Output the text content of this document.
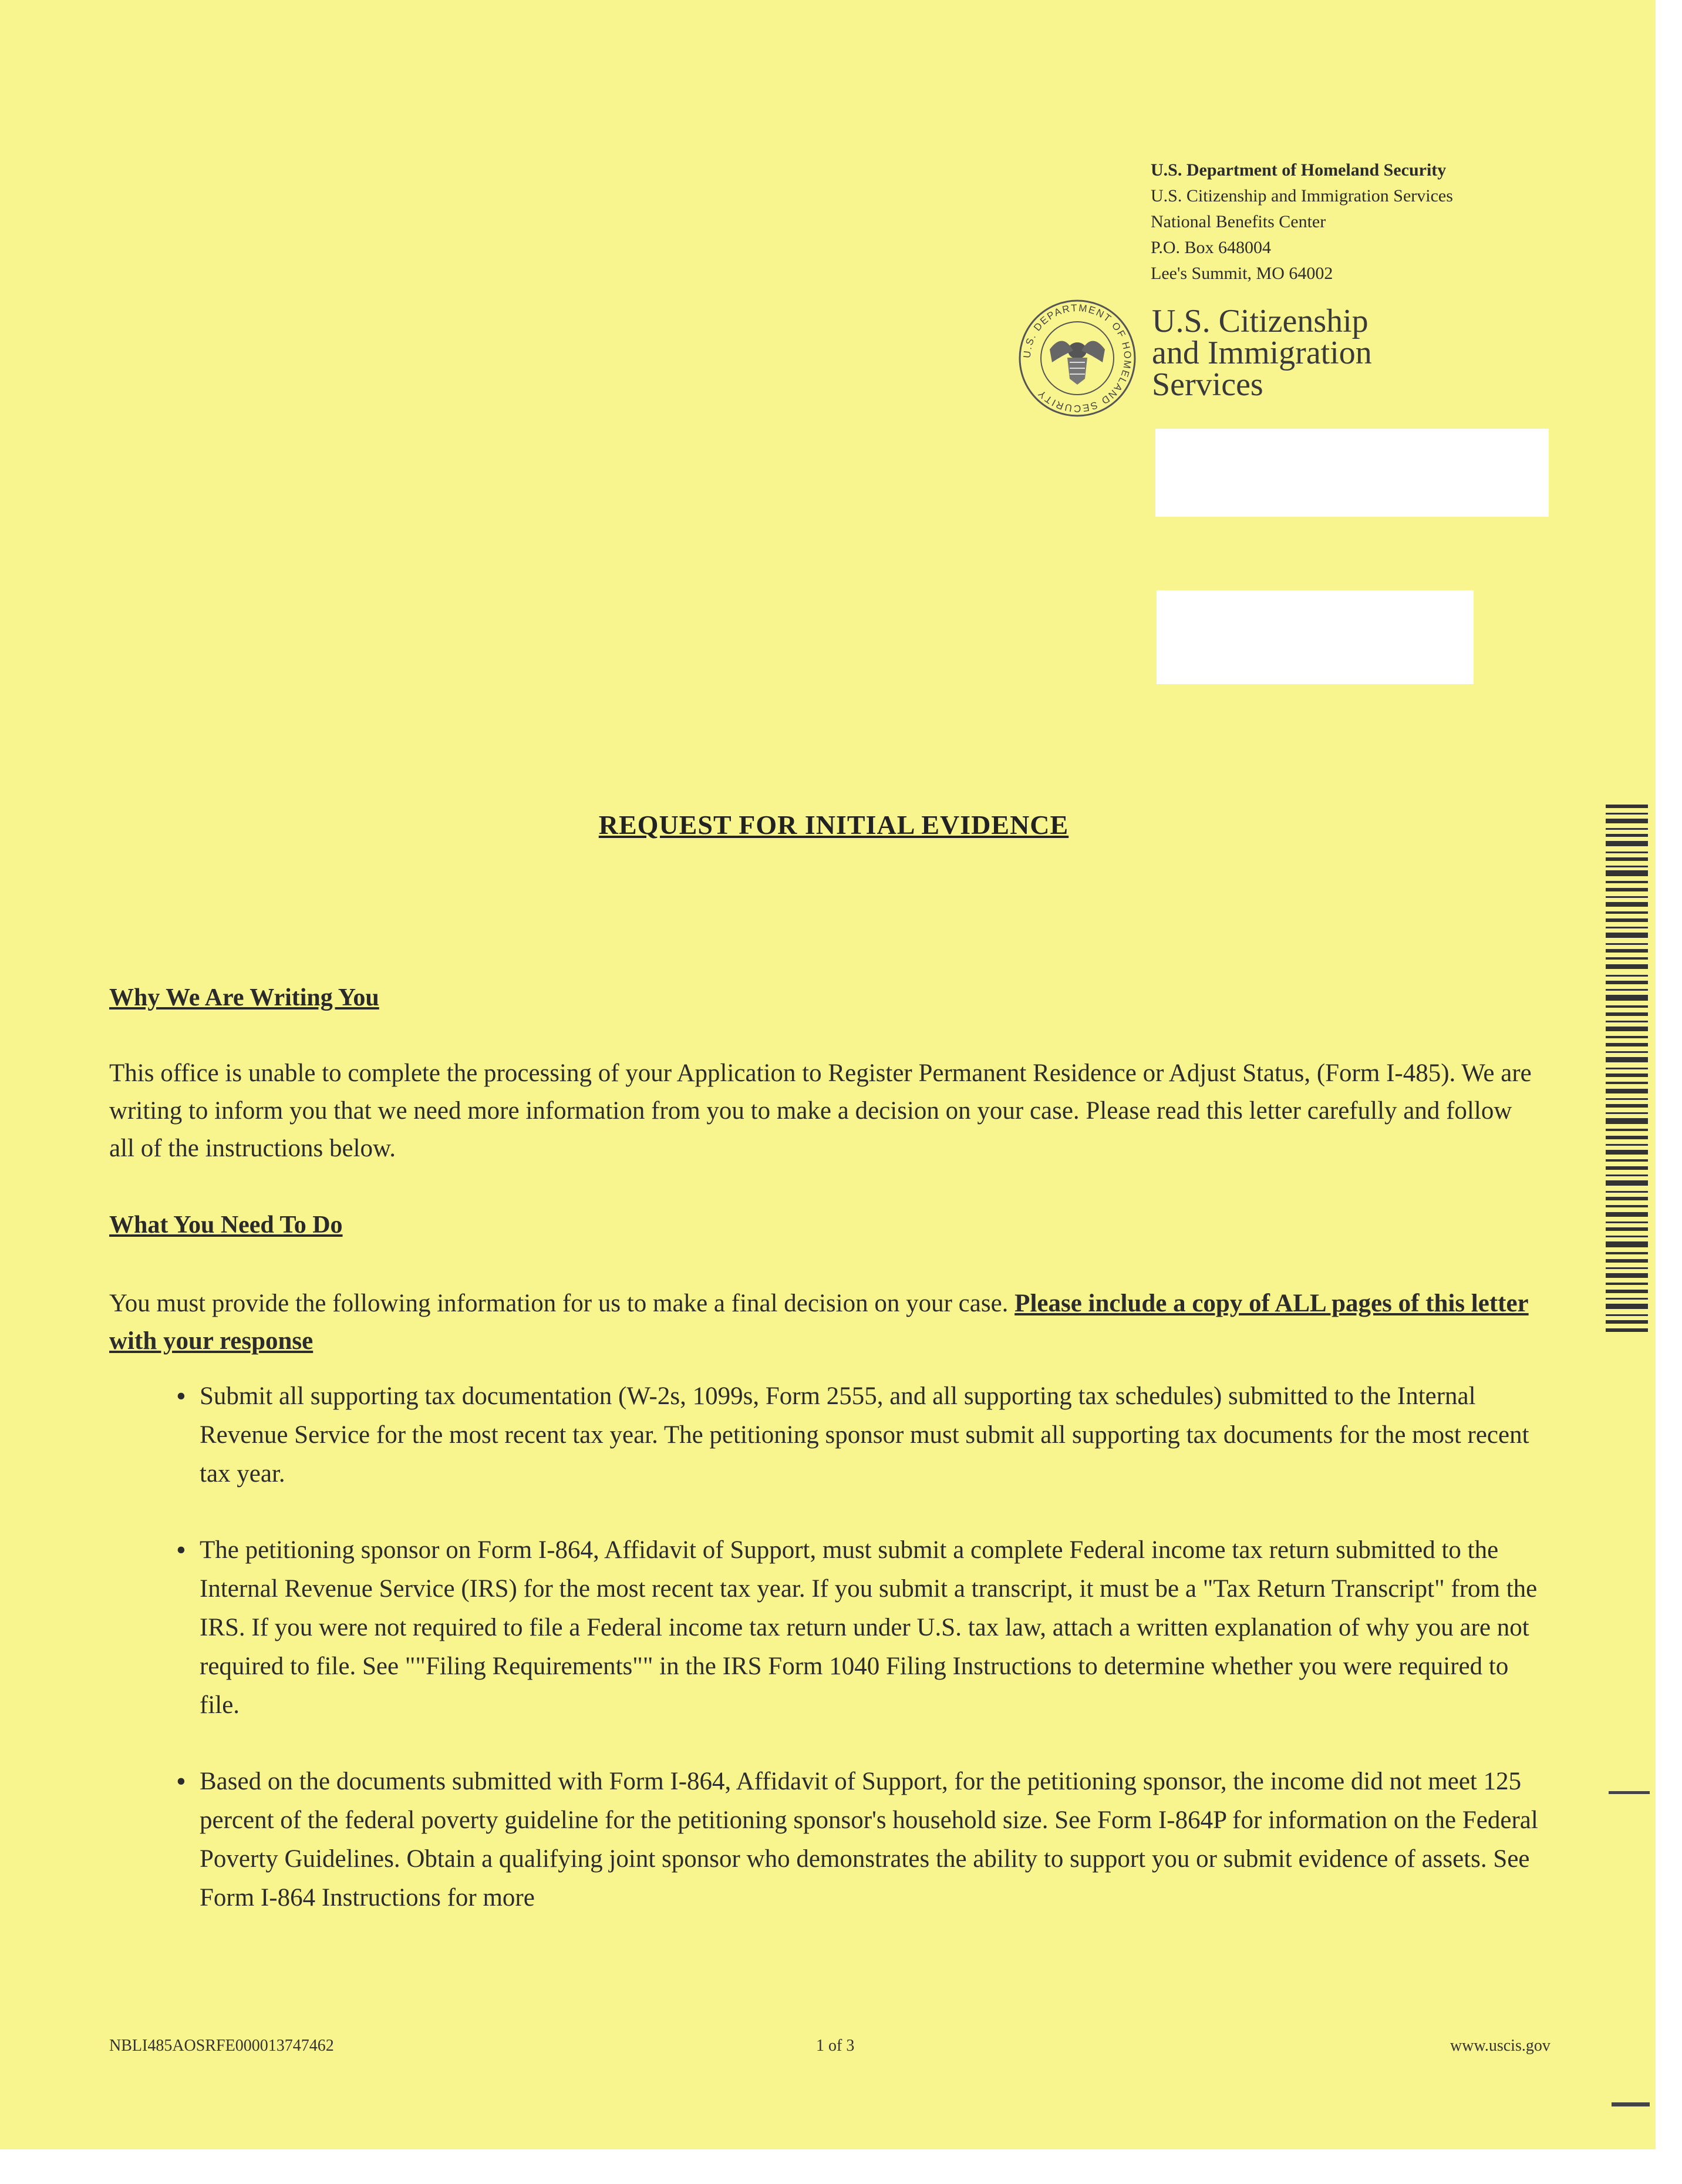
U.S. Department of Homeland Security
U.S. Citizenship and Immigration Services
National Benefits Center
P.O. Box 648004
Lee's Summit, MO 64002
U.S. DEPARTMENT OF HOMELAND SECURITY
U.S. Citizenship
and Immigration
Services
REQUEST FOR INITIAL EVIDENCE
Why We Are Writing You
This office is unable to complete the processing of your Application to Register Permanent Residence or Adjust Status, (Form I-485). We are writing to inform you that we need more information from you to make a decision on your case. Please read this letter carefully and follow all of the instructions below.
What You Need To Do
You must provide the following information for us to make a final decision on your case. Please include a copy of ALL pages of this letter with your response
• Submit all supporting tax documentation (W-2s, 1099s, Form 2555, and all supporting tax schedules) submitted to the Internal Revenue Service for the most recent tax year. The petitioning sponsor must submit all supporting tax documents for the most recent tax year.
• The petitioning sponsor on Form I-864, Affidavit of Support, must submit a complete Federal income tax return submitted to the Internal Revenue Service (IRS) for the most recent tax year. If you submit a transcript, it must be a "Tax Return Transcript" from the IRS. If you were not required to file a Federal income tax return under U.S. tax law, attach a written explanation of why you are not required to file. See ""Filing Requirements"" in the IRS Form 1040 Filing Instructions to determine whether you were required to file.
• Based on the documents submitted with Form I-864, Affidavit of Support, for the petitioning sponsor, the income did not meet 125 percent of the federal poverty guideline for the petitioning sponsor's household size. See Form I-864P for information on the Federal Poverty Guidelines. Obtain a qualifying joint sponsor who demonstrates the ability to support you or submit evidence of assets. See Form I-864 Instructions for more
NBLI485AOSRFE000013747462	1 of 3	www.uscis.gov
